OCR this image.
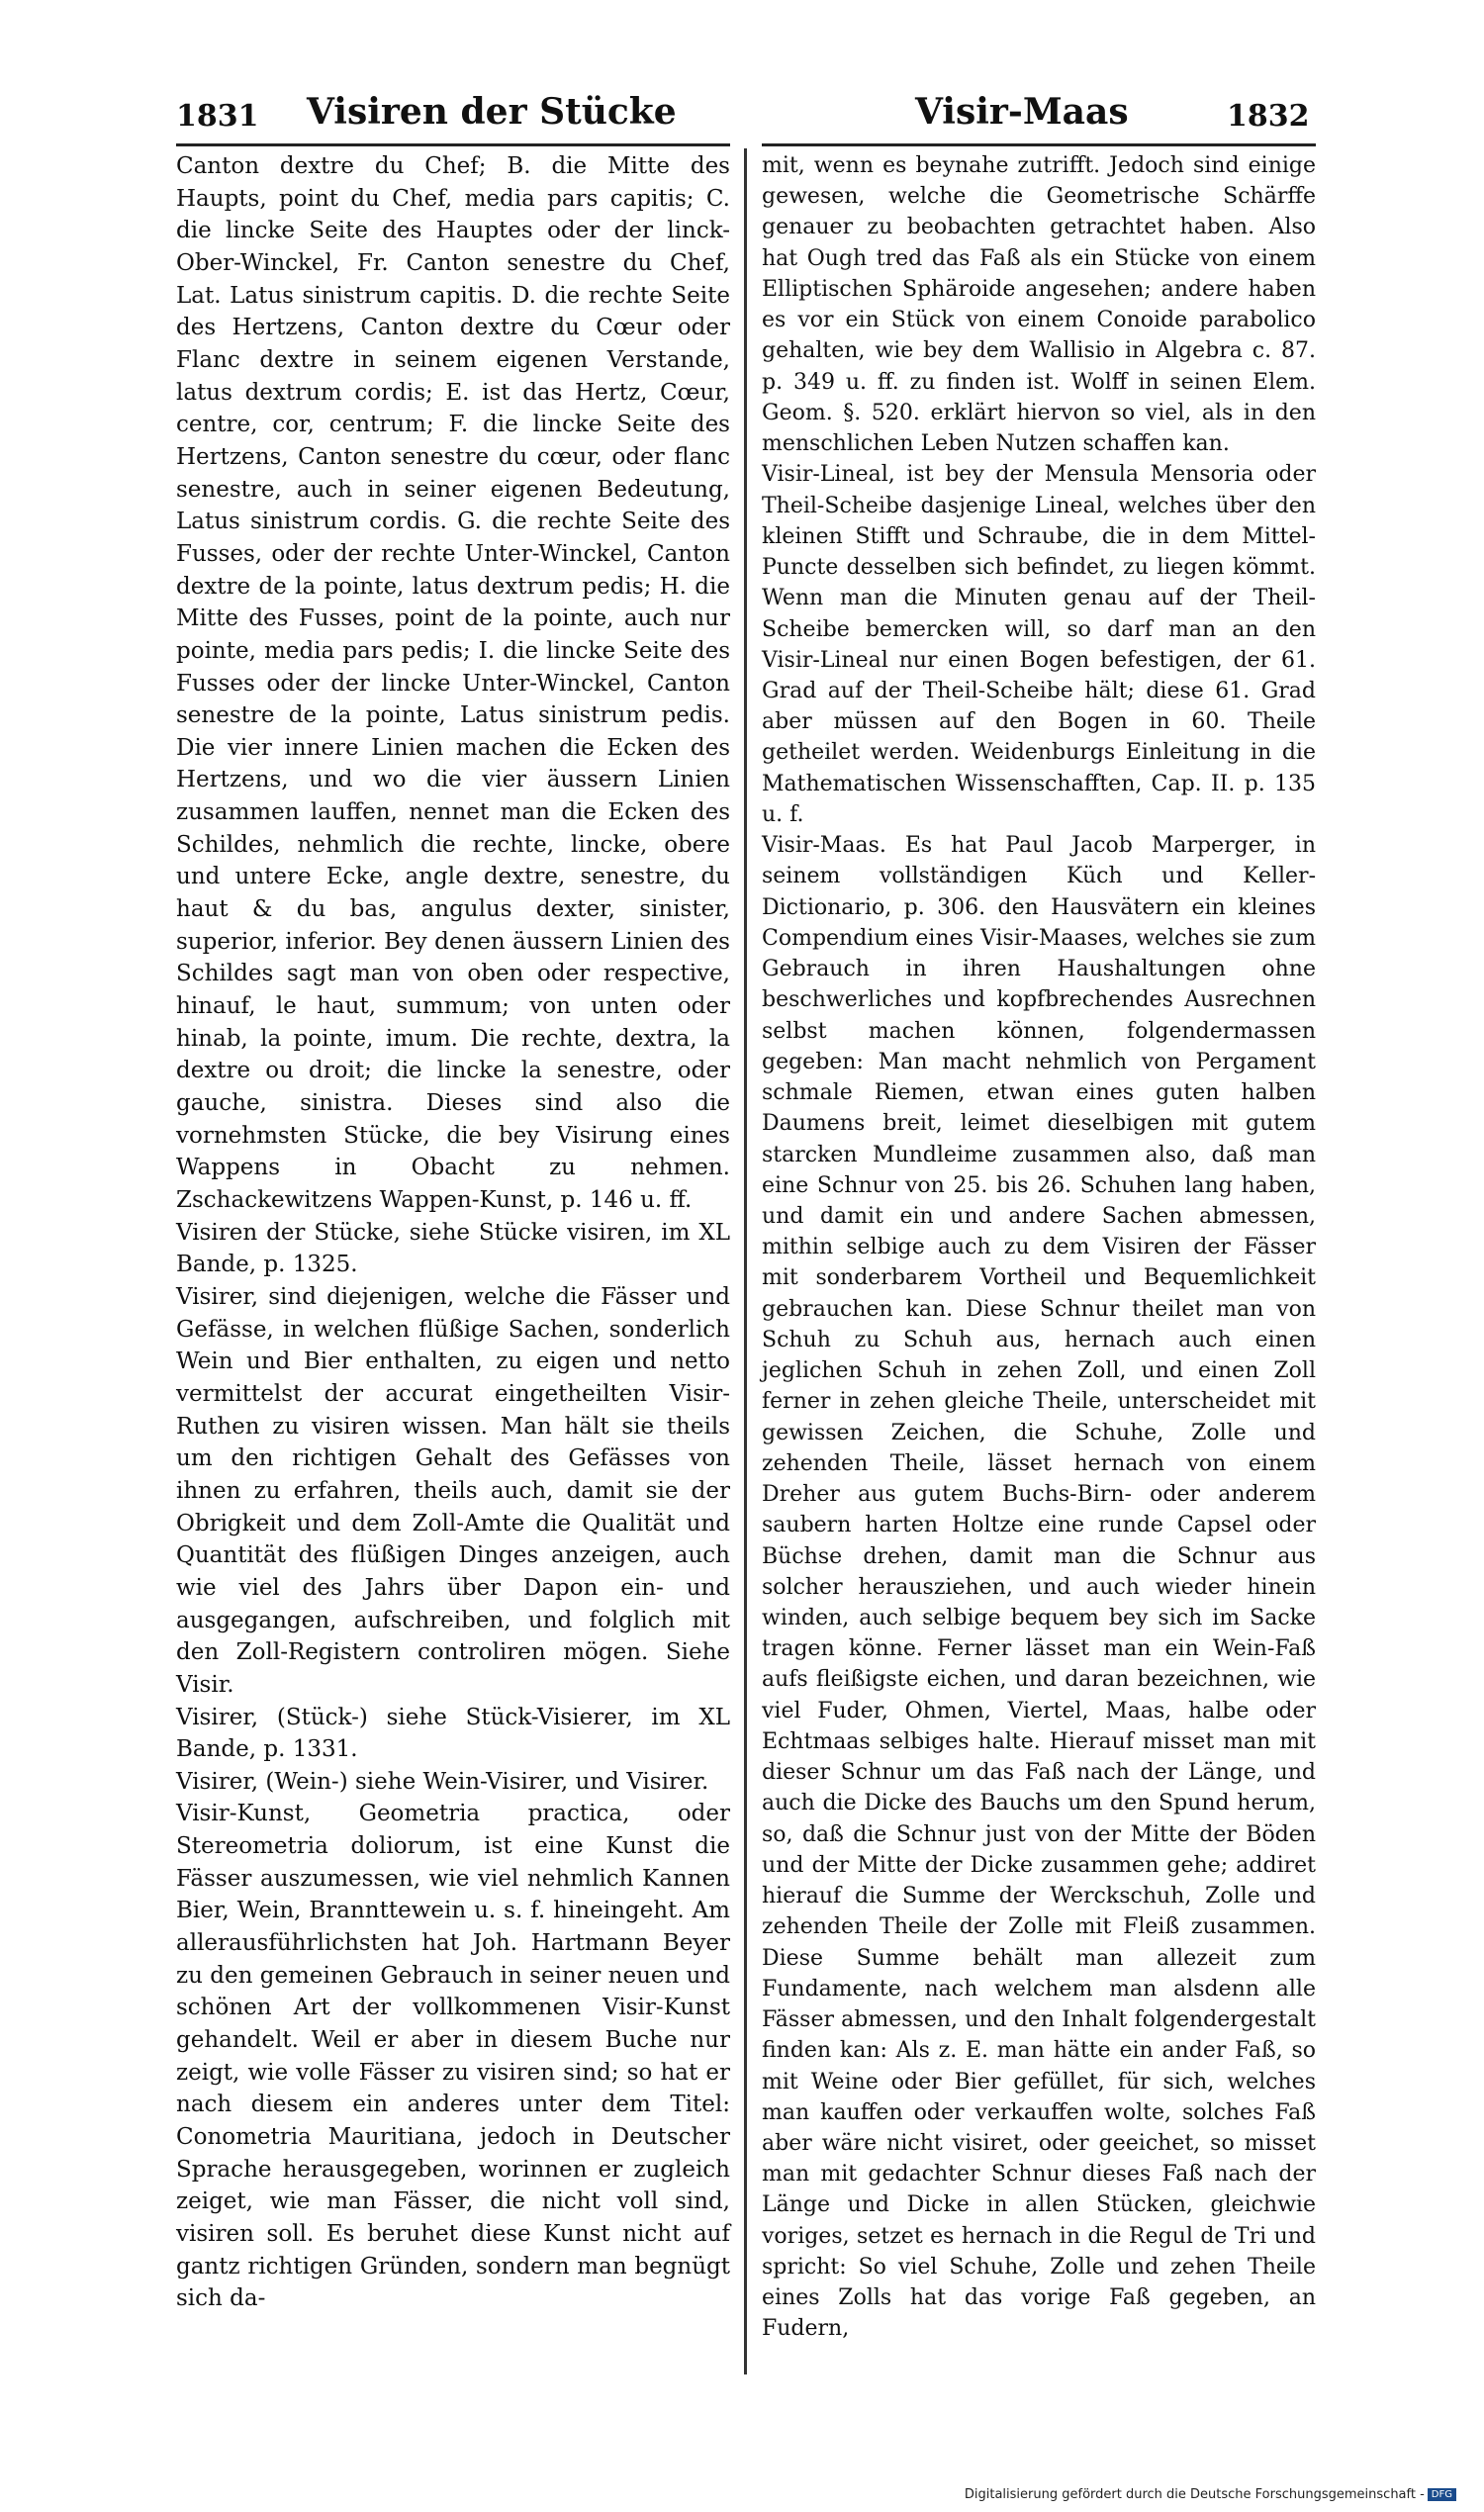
1831 Visiren der Stücke	Visir-Maas	1832

Canton dextre du Chef; B. die Mitte des Haupts, point du Chef, media pars capitis; C. die lincke Seite des Hauptes oder der linck-Ober-Winckel, Fr. Canton senestre du Chef, Lat. Latus sinistrum capitis. D. die rechte Seite des Hertzens, Canton dextre du Cœur oder Flanc dextre in seinem eigenen Verstande, latus dextrum cordis; E. ist das Hertz, Cœur, centre, cor, centrum; F. die lincke Seite des Hertzens, Canton senestre du cœur, oder flanc senestre, auch in seiner eigenen Bedeutung, Latus sinistrum cordis. G. die rechte Seite des Fusses, oder der rechte Unter-Winckel, Canton dextre de la pointe, latus dextrum pedis; H. die Mitte des Fusses, point de la pointe, auch nur pointe, media pars pedis; I. die lincke Seite des Fusses oder der lincke Unter-Winckel, Canton senestre de la pointe, Latus sinistrum pedis. Die vier innere Linien machen die Ecken des Hertzens, und wo die vier äussern Linien zusammen lauffen, nennet man die Ecken des Schildes, nehmlich die rechte, lincke, obere und untere Ecke, angle dextre, senestre, du haut & du bas, angulus dexter, sinister, superior, inferior. Bey denen äussern Linien des Schildes sagt man von oben oder respective, hinauf, le haut, summum; von unten oder hinab, la pointe, imum. Die rechte, dextra, la dextre ou droit; die lincke la senestre, oder gauche, sinistra. Dieses sind also die vornehmsten Stücke, die bey Visirung eines Wappens in Obacht zu nehmen. Zschackewitzens Wappen-Kunst, p. 146 u. ff.

Visiren der Stücke, siehe Stücke visiren, im XL Bande, p. 1325.

Visirer, sind diejenigen, welche die Fässer und Gefässe, in welchen flüßige Sachen, sonderlich Wein und Bier enthalten, zu eigen und netto vermittelst der accurat eingetheilten Visir-Ruthen zu visiren wissen. Man hält sie theils um den richtigen Gehalt des Gefässes von ihnen zu erfahren, theils auch, damit sie der Obrigkeit und dem Zoll-Amte die Qualität und Quantität des flüßigen Dinges anzeigen, auch wie viel des Jahrs über Dapon ein- und ausgegangen, aufschreiben, und folglich mit den Zoll-Registern controliren mögen. Siehe Visir.

Visirer, (Stück-) siehe Stück-Visierer, im XL Bande, p. 1331.

Visirer, (Wein-) siehe Wein-Visirer, und Visirer.

Visir-Kunst, Geometria practica, oder Stereometria doliorum, ist eine Kunst die Fässer auszumessen, wie viel nehmlich Kannen Bier, Wein, Brannttewein u. s. f. hineingeht. Am allerausführlichsten hat Joh. Hartmann Beyer zu den gemeinen Gebrauch in seiner neuen und schönen Art der vollkommenen Visir-Kunst gehandelt. Weil er aber in diesem Buche nur zeigt, wie volle Fässer zu visiren sind; so hat er nach diesem ein anderes unter dem Titel: Conometria Mauritiana, jedoch in Deutscher Sprache herausgegeben, worinnen er zugleich zeiget, wie man Fässer, die nicht voll sind, visiren soll. Es beruhet diese Kunst nicht auf gantz richtigen Gründen, sondern man begnügt sich da-

mit, wenn es beynahe zutrifft. Jedoch sind einige gewesen, welche die Geometrische Schärffe genauer zu beobachten getrachtet haben. Also hat Ough tred das Faß als ein Stücke von einem Elliptischen Sphäroide angesehen; andere haben es vor ein Stück von einem Conoide parabolico gehalten, wie bey dem Wallisio in Algebra c. 87. p. 349 u. ff. zu finden ist. Wolff in seinen Elem. Geom. §. 520. erklärt hiervon so viel, als in den menschlichen Leben Nutzen schaffen kan.

Visir-Lineal, ist bey der Mensula Mensoria oder Theil-Scheibe dasjenige Lineal, welches über den kleinen Stifft und Schraube, die in dem Mittel-Puncte desselben sich befindet, zu liegen kömmt. Wenn man die Minuten genau auf der Theil-Scheibe bemercken will, so darf man an den Visir-Lineal nur einen Bogen befestigen, der 61. Grad auf der Theil-Scheibe hält; diese 61. Grad aber müssen auf den Bogen in 60. Theile getheilet werden. Weidenburgs Einleitung in die Mathematischen Wissenschafften, Cap. II. p. 135 u. f.

Visir-Maas. Es hat Paul Jacob Marperger, in seinem vollständigen Küch und Keller-Dictionario, p. 306. den Hausvätern ein kleines Compendium eines Visir-Maases, welches sie zum Gebrauch in ihren Haushaltungen ohne beschwerliches und kopfbrechendes Ausrechnen selbst machen können, folgendermassen gegeben: Man macht nehmlich von Pergament schmale Riemen, etwan eines guten halben Daumens breit, leimet dieselbigen mit gutem starcken Mundleime zusammen also, daß man eine Schnur von 25. bis 26. Schuhen lang haben, und damit ein und andere Sachen abmessen, mithin selbige auch zu dem Visiren der Fässer mit sonderbarem Vortheil und Bequemlichkeit gebrauchen kan. Diese Schnur theilet man von Schuh zu Schuh aus, hernach auch einen jeglichen Schuh in zehen Zoll, und einen Zoll ferner in zehen gleiche Theile, unterscheidet mit gewissen Zeichen, die Schuhe, Zolle und zehenden Theile, lässet hernach von einem Dreher aus gutem Buchs-Birn- oder anderem saubern harten Holtze eine runde Capsel oder Büchse drehen, damit man die Schnur aus solcher herausziehen, und auch wieder hinein winden, auch selbige bequem bey sich im Sacke tragen könne. Ferner lässet man ein Wein-Faß aufs fleißigste eichen, und daran bezeichnen, wie viel Fuder, Ohmen, Viertel, Maas, halbe oder Echtmaas selbiges halte. Hierauf misset man mit dieser Schnur um das Faß nach der Länge, und auch die Dicke des Bauchs um den Spund herum, so, daß die Schnur just von der Mitte der Böden und der Mitte der Dicke zusammen gehe; addiret hierauf die Summe der Werckschuh, Zolle und zehenden Theile der Zolle mit Fleiß zusammen. Diese Summe behält man allezeit zum Fundamente, nach welchem man alsdenn alle Fässer abmessen, und den Inhalt folgendergestalt finden kan: Als z. E. man hätte ein ander Faß, so mit Weine oder Bier gefüllet, für sich, welches man kauffen oder verkauffen wolte, solches Faß aber wäre nicht visiret, oder geeichet, so misset man mit gedachter Schnur dieses Faß nach der Länge und Dicke in allen Stücken, gleichwie voriges, setzet es hernach in die Regul de Tri und spricht: So viel Schuhe, Zolle und zehen Theile eines Zolls hat das vorige Faß gegeben, an Fudern,

Digitalisierung gefördert durch die Deutsche Forschungsgemeinschaft - DFG
